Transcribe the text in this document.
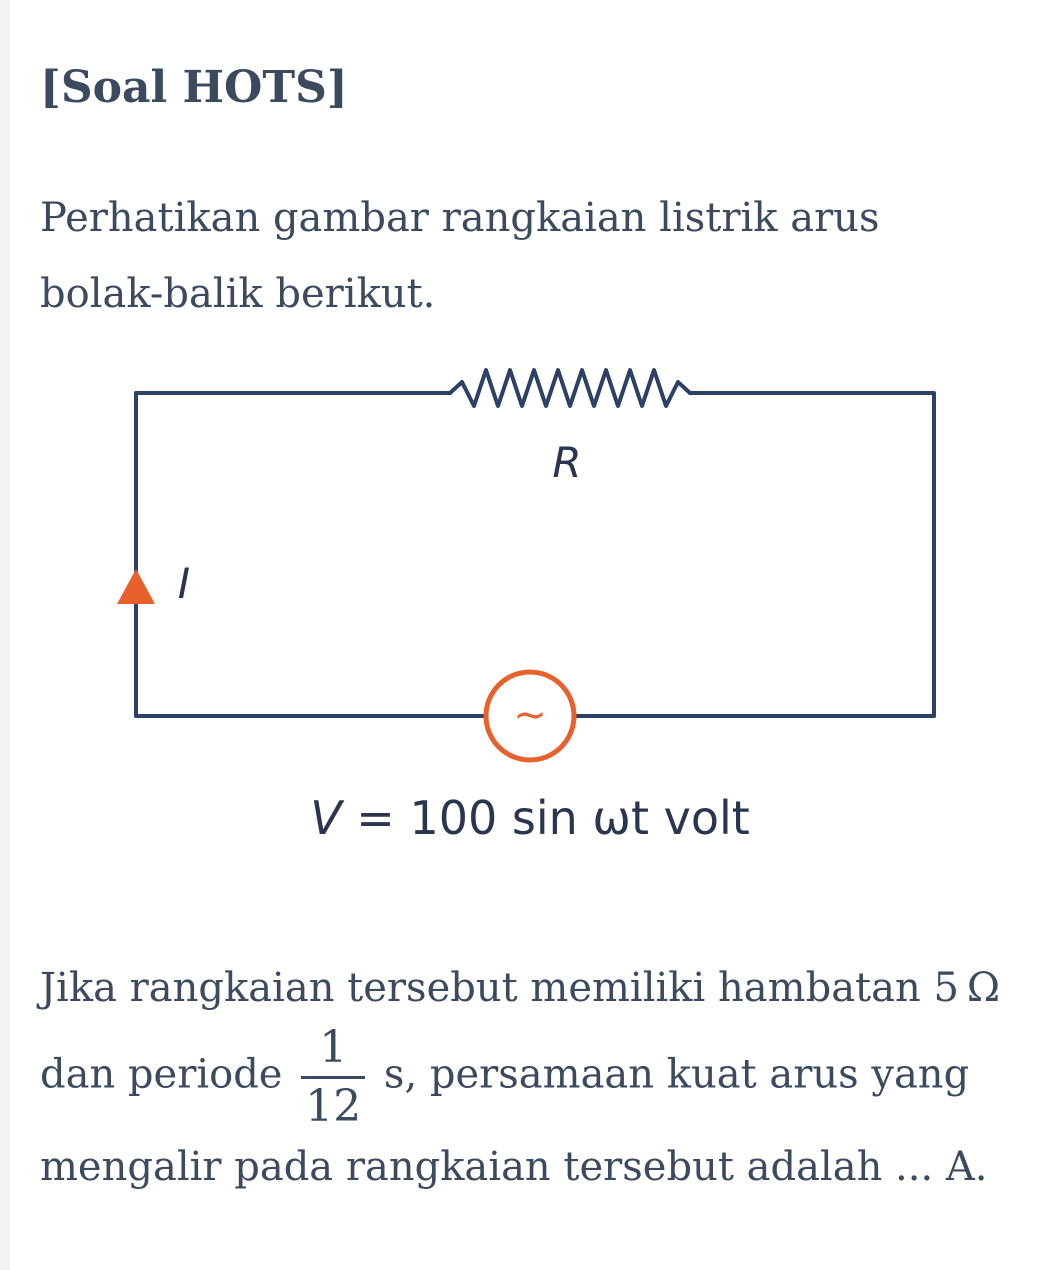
[Soal HOTS]

Perhatikan gambar rangkaian listrik arus bolak-balik berikut.

~
R
I
V = 100 sin ωt volt

Jika rangkaian tersebut memiliki hambatan 5 Ω dan periode $\frac{1}{12} s$, persamaan kuat arus yang mengalir pada rangkaian tersebut adalah ... A.
